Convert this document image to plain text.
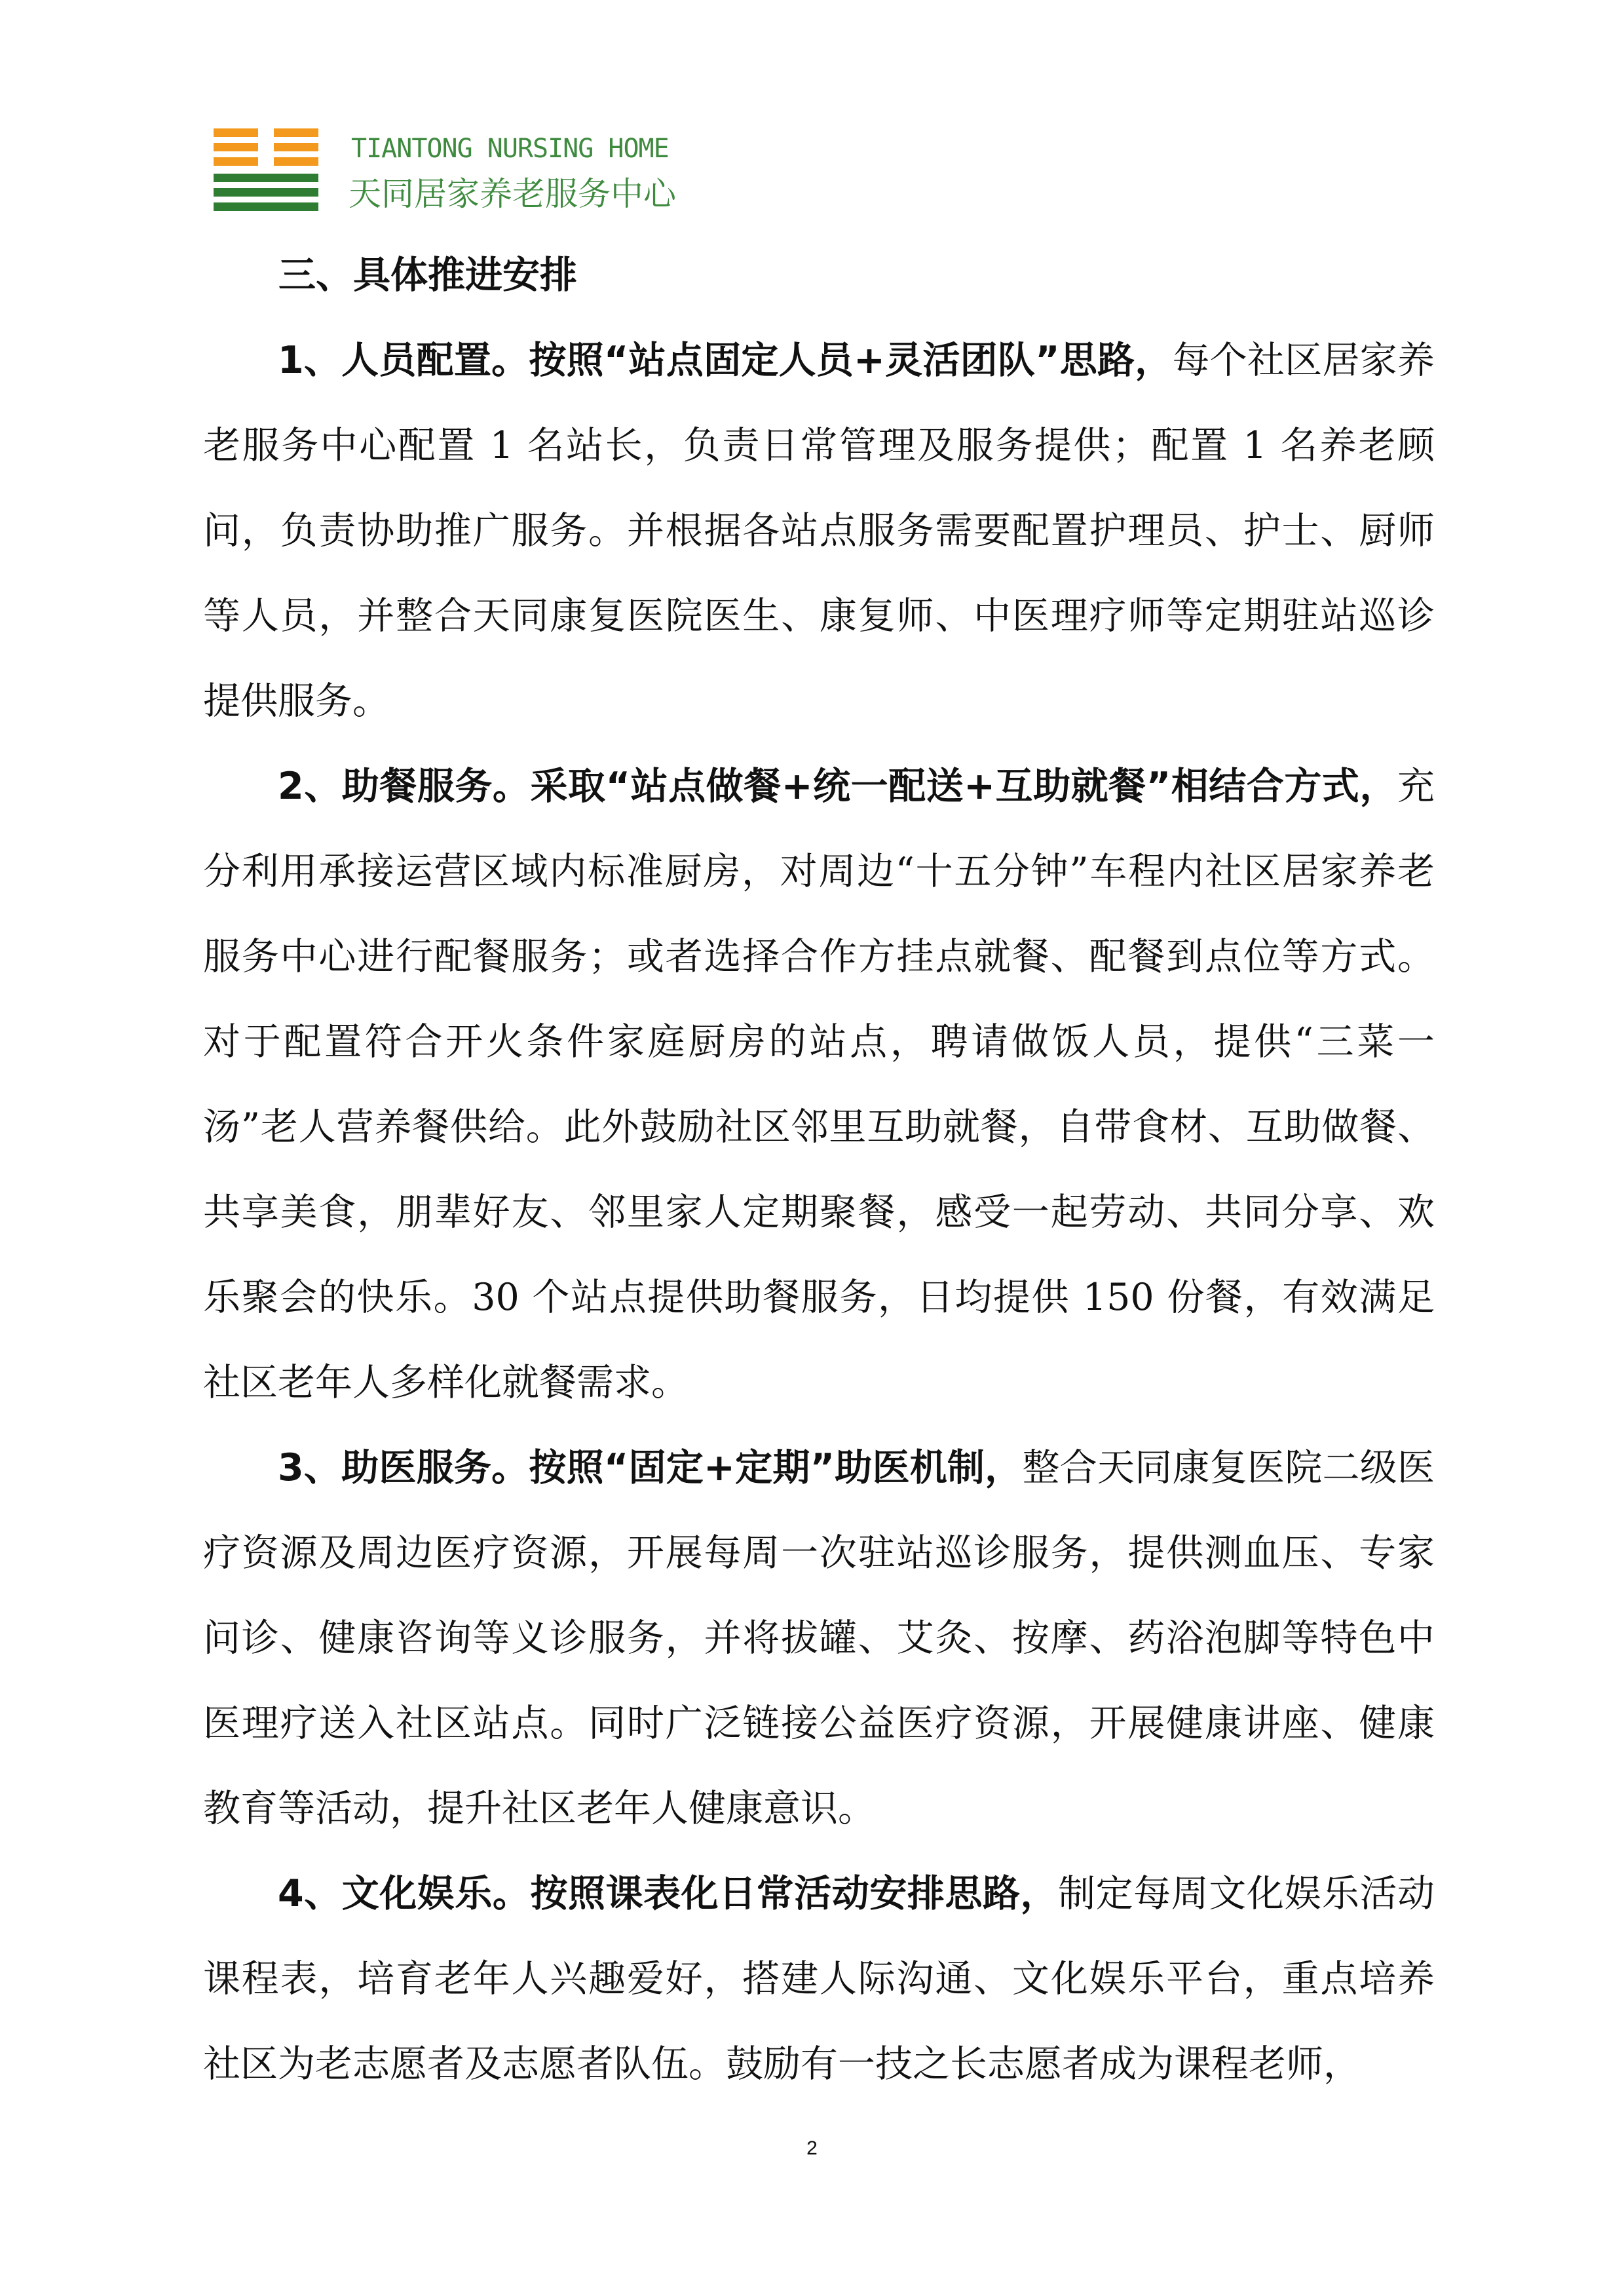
TIANTONG NURSING HOME
天同居家养老服务中心
三、具体推进安排

1、人员配置。按照“站点固定人员+灵活团队”思路，每个社区居家养老服务中心配置 1 名站长，负责日常管理及服务提供；配置 1 名养老顾问，负责协助推广服务。并根据各站点服务需要配置护理员、护士、厨师等人员，并整合天同康复医院医生、康复师、中医理疗师等定期驻站巡诊提供服务。

2、助餐服务。采取“站点做餐+统一配送+互助就餐”相结合方式，充分利用承接运营区域内标准厨房，对周边“十五分钟”车程内社区居家养老服务中心进行配餐服务；或者选择合作方挂点就餐、配餐到点位等方式。对于配置符合开火条件家庭厨房的站点，聘请做饭人员，提供“三菜一汤”老人营养餐供给。此外鼓励社区邻里互助就餐，自带食材、互助做餐、共享美食，朋辈好友、邻里家人定期聚餐，感受一起劳动、共同分享、欢乐聚会的快乐。30 个站点提供助餐服务，日均提供 150 份餐，有效满足社区老年人多样化就餐需求。

3、助医服务。按照“固定+定期”助医机制，整合天同康复医院二级医疗资源及周边医疗资源，开展每周一次驻站巡诊服务，提供测血压、专家问诊、健康咨询等义诊服务，并将拔罐、艾灸、按摩、药浴泡脚等特色中医理疗送入社区站点。同时广泛链接公益医疗资源，开展健康讲座、健康教育等活动，提升社区老年人健康意识。

4、文化娱乐。按照课表化日常活动安排思路，制定每周文化娱乐活动课程表，培育老年人兴趣爱好，搭建人际沟通、文化娱乐平台，重点培养社区为老志愿者及志愿者队伍。鼓励有一技之长志愿者成为课程老师，

2
